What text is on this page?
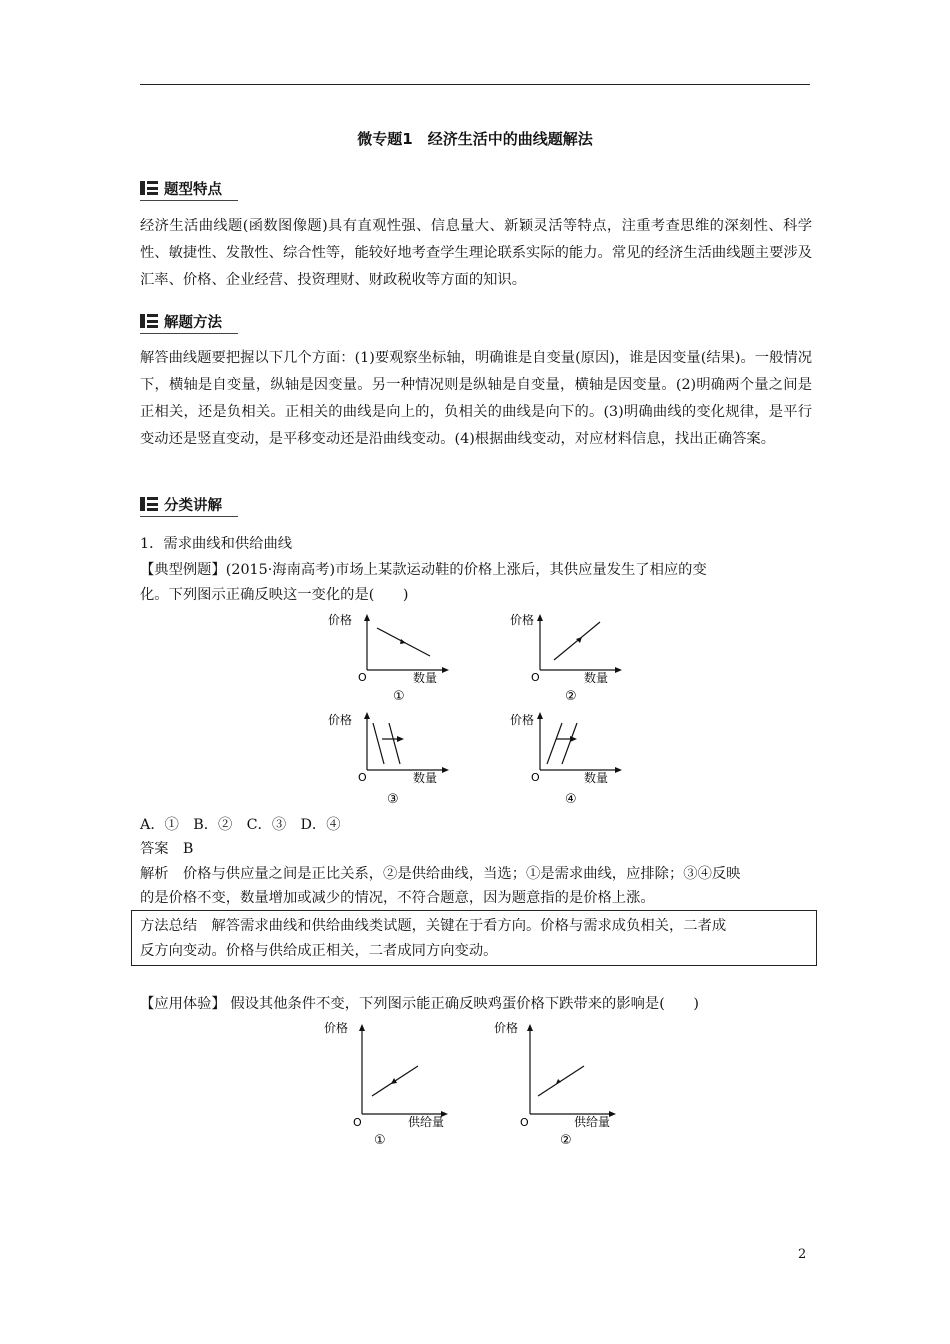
微专题1　经济生活中的曲线题解法
题型特点
经济生活曲线题(函数图像题)具有直观性强、信息量大、新颖灵活等特点，注重考查思维的深刻性、科学性、敏捷性、发散性、综合性等，能较好地考查学生理论联系实际的能力。常见的经济生活曲线题主要涉及汇率、价格、企业经营、投资理财、财政税收等方面的知识。
解题方法
解答曲线题要把握以下几个方面：(1)要观察坐标轴，明确谁是自变量(原因)，谁是因变量(结果)。一般情况下，横轴是自变量，纵轴是因变量。另一种情况则是纵轴是自变量，横轴是因变量。(2)明确两个量之间是正相关，还是负相关。正相关的曲线是向上的，负相关的曲线是向下的。(3)明确曲线的变化规律，是平行变动还是竖直变动，是平移变动还是沿曲线变动。(4)根据曲线变动，对应材料信息，找出正确答案。
分类讲解
1．需求曲线和供给曲线
【典型例题】(2015·海南高考)市场上某款运动鞋的价格上涨后，其供应量发生了相应的变
化。下列图示正确反映这一变化的是(　　)
价格
O	数量
①
价格
O	数量
②
价格
O	数量
③
价格
O	数量
④
A．①　B．②　C．③　D．④
答案　B
解析　价格与供应量之间是正比关系，②是供给曲线，当选；①是需求曲线，应排除；③④反映
的是价格不变，数量增加或减少的情况，不符合题意，因为题意指的是价格上涨。
方法总结　解答需求曲线和供给曲线类试题，关键在于看方向。价格与需求成负相关，二者成
反方向变动。价格与供给成正相关，二者成同方向变动。
【应用体验】 假设其他条件不变，下列图示能正确反映鸡蛋价格下跌带来的影响是(　　)
价格
O	供给量
①
价格
O	供给量
②
2
